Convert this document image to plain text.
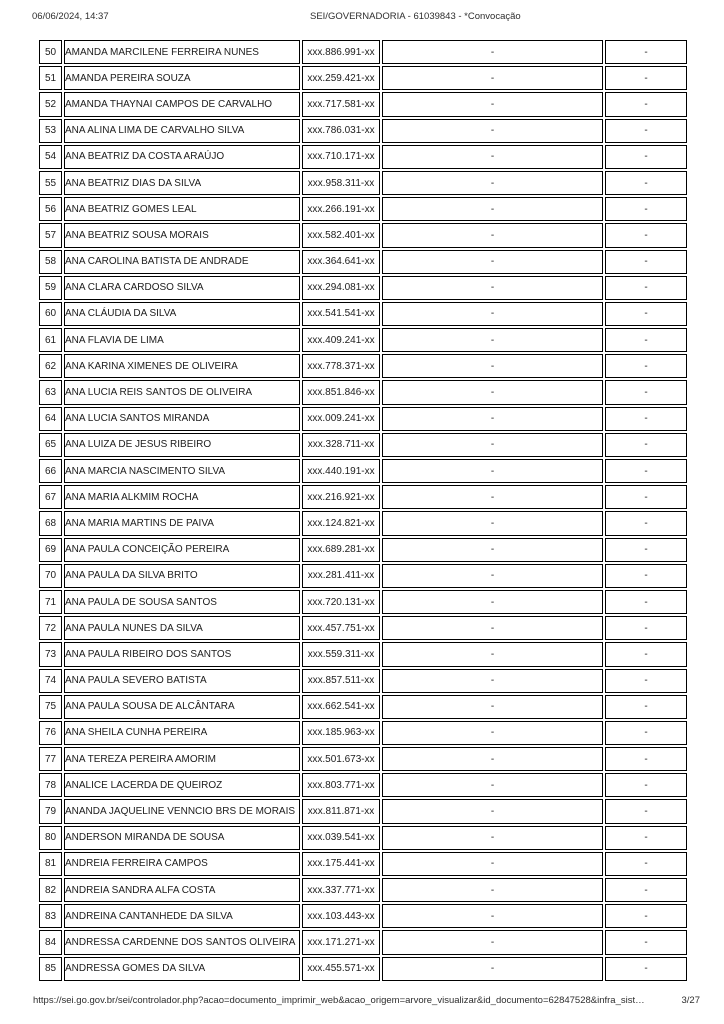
06/06/2024, 14:37	SEI/GOVERNADORIA - 61039843 - *Convocação
50	AMANDA MARCILENE FERREIRA NUNES	xxx.886.991-xx	-	-
51	AMANDA PEREIRA SOUZA	xxx.259.421-xx	-	-
52	AMANDA THAYNAI CAMPOS DE CARVALHO	xxx.717.581-xx	-	-
53	ANA ALINA LIMA DE CARVALHO SILVA	xxx.786.031-xx	-	-
54	ANA BEATRIZ DA COSTA ARAÚJO	xxx.710.171-xx	-	-
55	ANA BEATRIZ DIAS DA SILVA	xxx.958.311-xx	-	-
56	ANA BEATRIZ GOMES LEAL	xxx.266.191-xx	-	-
57	ANA BEATRIZ SOUSA MORAIS	xxx.582.401-xx	-	-
58	ANA CAROLINA BATISTA DE ANDRADE	xxx.364.641-xx	-	-
59	ANA CLARA CARDOSO SILVA	xxx.294.081-xx	-	-
60	ANA CLÁUDIA DA SILVA	xxx.541.541-xx	-	-
61	ANA FLAVIA DE LIMA	xxx.409.241-xx	-	-
62	ANA KARINA XIMENES DE OLIVEIRA	xxx.778.371-xx	-	-
63	ANA LUCIA REIS SANTOS DE OLIVEIRA	xxx.851.846-xx	-	-
64	ANA LUCIA SANTOS MIRANDA	xxx.009.241-xx	-	-
65	ANA LUIZA DE JESUS RIBEIRO	xxx.328.711-xx	-	-
66	ANA MARCIA NASCIMENTO SILVA	xxx.440.191-xx	-	-
67	ANA MARIA ALKMIM ROCHA	xxx.216.921-xx	-	-
68	ANA MARIA MARTINS DE PAIVA	xxx.124.821-xx	-	-
69	ANA PAULA CONCEIÇÃO PEREIRA	xxx.689.281-xx	-	-
70	ANA PAULA DA SILVA BRITO	xxx.281.411-xx	-	-
71	ANA PAULA DE SOUSA SANTOS	xxx.720.131-xx	-	-
72	ANA PAULA NUNES DA SILVA	xxx.457.751-xx	-	-
73	ANA PAULA RIBEIRO DOS SANTOS	xxx.559.311-xx	-	-
74	ANA PAULA SEVERO BATISTA	xxx.857.511-xx	-	-
75	ANA PAULA SOUSA DE ALCÂNTARA	xxx.662.541-xx	-	-
76	ANA SHEILA CUNHA PEREIRA	xxx.185.963-xx	-	-
77	ANA TEREZA PEREIRA AMORIM	xxx.501.673-xx	-	-
78	ANALICE LACERDA DE QUEIROZ	xxx.803.771-xx	-	-
79	ANANDA JAQUELINE VENNCIO BRS DE MORAIS	xxx.811.871-xx	-	-
80	ANDERSON MIRANDA DE SOUSA	xxx.039.541-xx	-	-
81	ANDREIA FERREIRA CAMPOS	xxx.175.441-xx	-	-
82	ANDREIA SANDRA ALFA COSTA	xxx.337.771-xx	-	-
83	ANDREINA CANTANHEDE DA SILVA	xxx.103.443-xx	-	-
84	ANDRESSA CARDENNE DOS SANTOS OLIVEIRA	xxx.171.271-xx	-	-
85	ANDRESSA GOMES DA SILVA	xxx.455.571-xx	-	-
https://sei.go.gov.br/sei/controlador.php?acao=documento_imprimir_web&acao_origem=arvore_visualizar&id_documento=62847528&infra_sist…	3/27
